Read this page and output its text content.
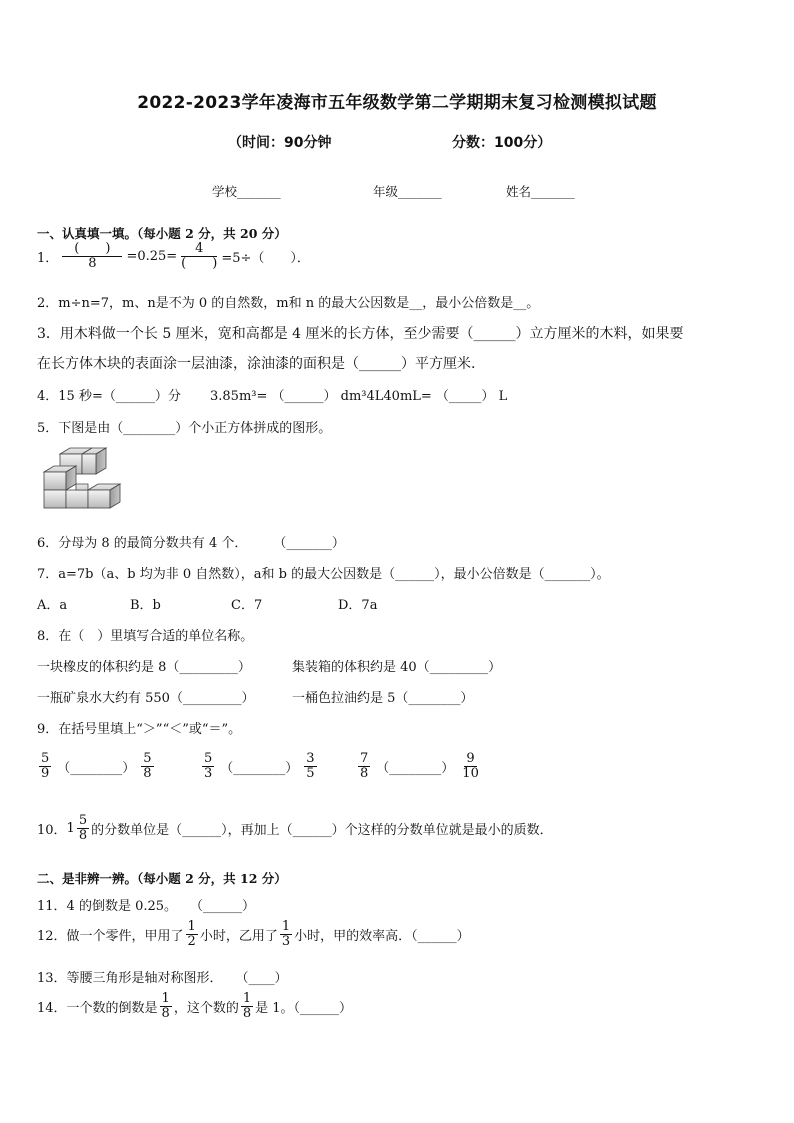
2022-2023学年凌海市五年级数学第二学期期末复习检测模拟试题
（时间：90分钟	分数：100分）
学校_______	年级_______	姓名_______
一、认真填一填。（每小题 2 分，共 20 分）
1． $\frac{( )}{8} =0.25= \frac{4}{( )} =5\div$（　　）．
2．m÷n=7，m、n是不为 0 的自然数，m和 n 的最大公因数是__，最小公倍数是__。
3．用木料做一个长 5 厘米，宽和高都是 4 厘米的长方体，至少需要（______）立方厘米的木料，如果要
在长方体木块的表面涂一层油漆，涂油漆的面积是（______）平方厘米.
4．15 秒=（______）分 3.85m³= （______） dm³4L40mL= （_____） L
5．下图是由（________）个小正方体拼成的图形。
6．分母为 8 的最简分数共有 4 个．　　　（_______）
7．a=7b（a、b 均为非 0 自然数），a和 b 的最大公因数是（______），最小公倍数是（_______）。
A．a	B．b	C．7	D．7a
8．在（　）里填写合适的单位名称。
一块橡皮的体积约是 8（_________）	集装箱的体积约是 40（_________）
一瓶矿泉水大约有 550（_________）	一桶色拉油约是 5（________）
9．在括号里填上“＞”“＜”或“＝”。
$\frac{5}{9}$ （________） $\frac{5}{8}$	$\frac{5}{3}$ （________） $\frac{3}{5}$	$\frac{7}{8}$ （________） $\frac{9}{10}$
10． $1 \frac{5}{8}$ 的分数单位是（______），再加上（______）个这样的分数单位就是最小的质数．
二、是非辨一辨。（每小题 2 分，共 12 分）
11．4 的倒数是 0.25。　　（______）
12．做一个零件，甲用了 $\frac{1}{2}$ 小时，乙用了 $\frac{1}{3}$ 小时，甲的效率高．（______）
13．等腰三角形是轴对称图形．　　（____）
14．一个数的倒数是 $\frac{1}{8}$ ，这个数的 $\frac{1}{8}$ 是 1。（______）
